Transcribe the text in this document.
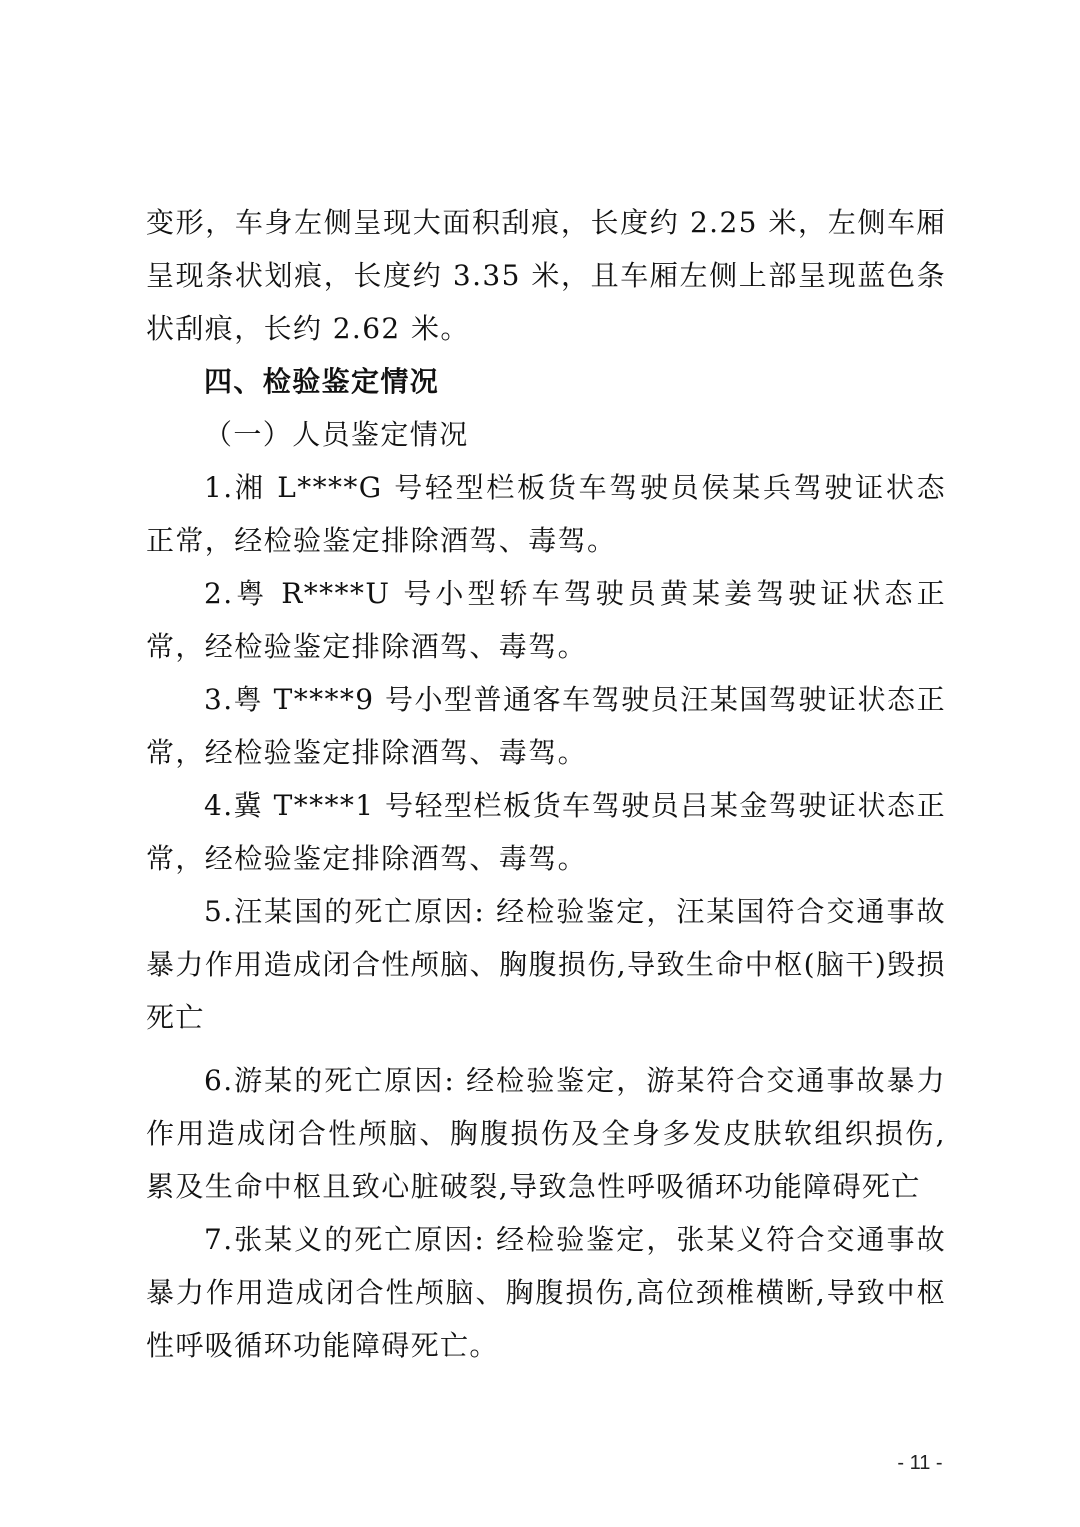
变形，车身左侧呈现大面积刮痕，长度约 2.25 米，左侧车厢呈现条状划痕，长度约 3.35 米，且车厢左侧上部呈现蓝色条状刮痕，长约 2.62 米。

四、检验鉴定情况

（一）人员鉴定情况

1.湘 L****G 号轻型栏板货车驾驶员侯某兵驾驶证状态正常，经检验鉴定排除酒驾、毒驾。

2.粤 R****U 号小型轿车驾驶员黄某姜驾驶证状态正常，经检验鉴定排除酒驾、毒驾。

3.粤 T****9 号小型普通客车驾驶员汪某国驾驶证状态正常，经检验鉴定排除酒驾、毒驾。

4.冀 T****1 号轻型栏板货车驾驶员吕某金驾驶证状态正常，经检验鉴定排除酒驾、毒驾。

5.汪某国的死亡原因: 经检验鉴定，汪某国符合交通事故暴力作用造成闭合性颅脑、胸腹损伤,导致生命中枢(脑干)毁损死亡

6.游某的死亡原因: 经检验鉴定，游某符合交通事故暴力作用造成闭合性颅脑、胸腹损伤及全身多发皮肤软组织损伤,累及生命中枢且致心脏破裂,导致急性呼吸循环功能障碍死亡

7.张某义的死亡原因: 经检验鉴定，张某义符合交通事故暴力作用造成闭合性颅脑、胸腹损伤,高位颈椎横断,导致中枢性呼吸循环功能障碍死亡。

- 11 -
